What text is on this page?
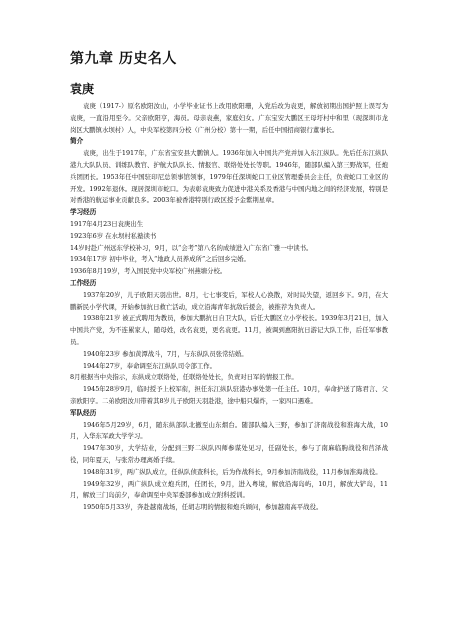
第九章 历史名人
袁庚

袁庚（1917-）原名欧阳汝山，小学毕业证书上改用欧阳珊，入党后改为袁更，解放初期出国护照上误写为袁庚，一直沿用至今。父亲欧阳亨，海员。母亲袁燕，家庭妇女。广东宝安大鹏区王母圩村中和里（现深圳市龙岗区大鹏镇水坝村）人，中央军校第四分校（广州分校）第十一期，后任中国招商银行董事长。

简介

袁庚，出生于1917年，广东省宝安县大鹏镇人。1936年加入中国共产党并加入东江纵队。先后任东江纵队港九大队队员、训练队教官、护航大队队长、情报官、联络处处长等职。1946年，随部队编入第三野战军，任炮兵团团长。1953年任中国驻印尼总领事馆领事，1979年任深圳蛇口工业区管理委员会主任，负责蛇口工业区的开发。1992年退休。现居深圳市蛇口。为表彰袁庚致力促进中港关系及香港与中国内地之间的经济发展，特别是对香港的航运事业贡献良多。2003年被香港特别行政区授予金紫荆星章。

学习经历

1917年4月23日袁庚出生

1923年6岁 在水坝村私塾读书

14岁时赴广州远东学校补习，9月，以“会考”第八名的成绩进入广东省广雅一中读书。

1934年17岁 初中毕业，考入“地政人员养成所”之后回乡完婚。

1936年8月19岁，考入国民党中央军校广州燕塘分校。

工作经历

1937年20岁，儿子欧阳天羽出世。8月，七七事变后，军校人心涣散，对时局失望，返回乡下。9月，在大鹏新民小学代课，开始参加抗日救亡活动，成立沿海青年抗敌后援会，被推荐为负责人。

1938年21岁 被正式聘用为教员，参加大鹏抗日自卫大队，后任大鹏区立小学校长。1939年3月21日，加入中国共产党，为不连累家人，随母姓，改名袁更，更名袁更。11月，被调到惠阳抗日游记大队工作，后任军事教员。

1940年23岁 参加黄潭战斗，7月，与东纵队员张常结婚。

1944年27岁，奉命调至东江纵队司令部工作。

8月根据当中央指示，东纵成立联络处，任联络处处长，负责对日军的情报工作。

1945年28岁9月，临时授予上校军衔，担任东江纵队驻港办事处第一任主任。10月，奉命护送了陈君言、父亲欧阳亨。二弟欧阳汝川带着其8岁儿子欧阳天羽赴港，途中船只爆炸，一家四口遇难。

军队经历

1946年5月29岁，6月，随东纵部队北撤至山东烟台。随部队编入三野，参加了济南战役和淮海大战，10月，入华东军政大学学习。

1947年30岁，大学结业，分配到三野二纵队四师参谋处见习，任副处长，参与了南麻临朐战役和莒泽战役，同年夏天，与张常办理离婚手续。

1948年31岁，两广纵队成立，任纵队侦查科长，后为作战科长，9月参加济南战役，11月参加淮海战役。

1949年32岁，两广纵队成立炮兵团，任团长，9月，进入粤境，解放沿海岛屿，10月，解放大铲岛，11月，解放三门岛前夕，奉命调至中央军委部参加成立附科授训。

1950年5月33岁，奔赴越南战场，任胡志明的情报和炮兵顾问，参加越南高平战役。
